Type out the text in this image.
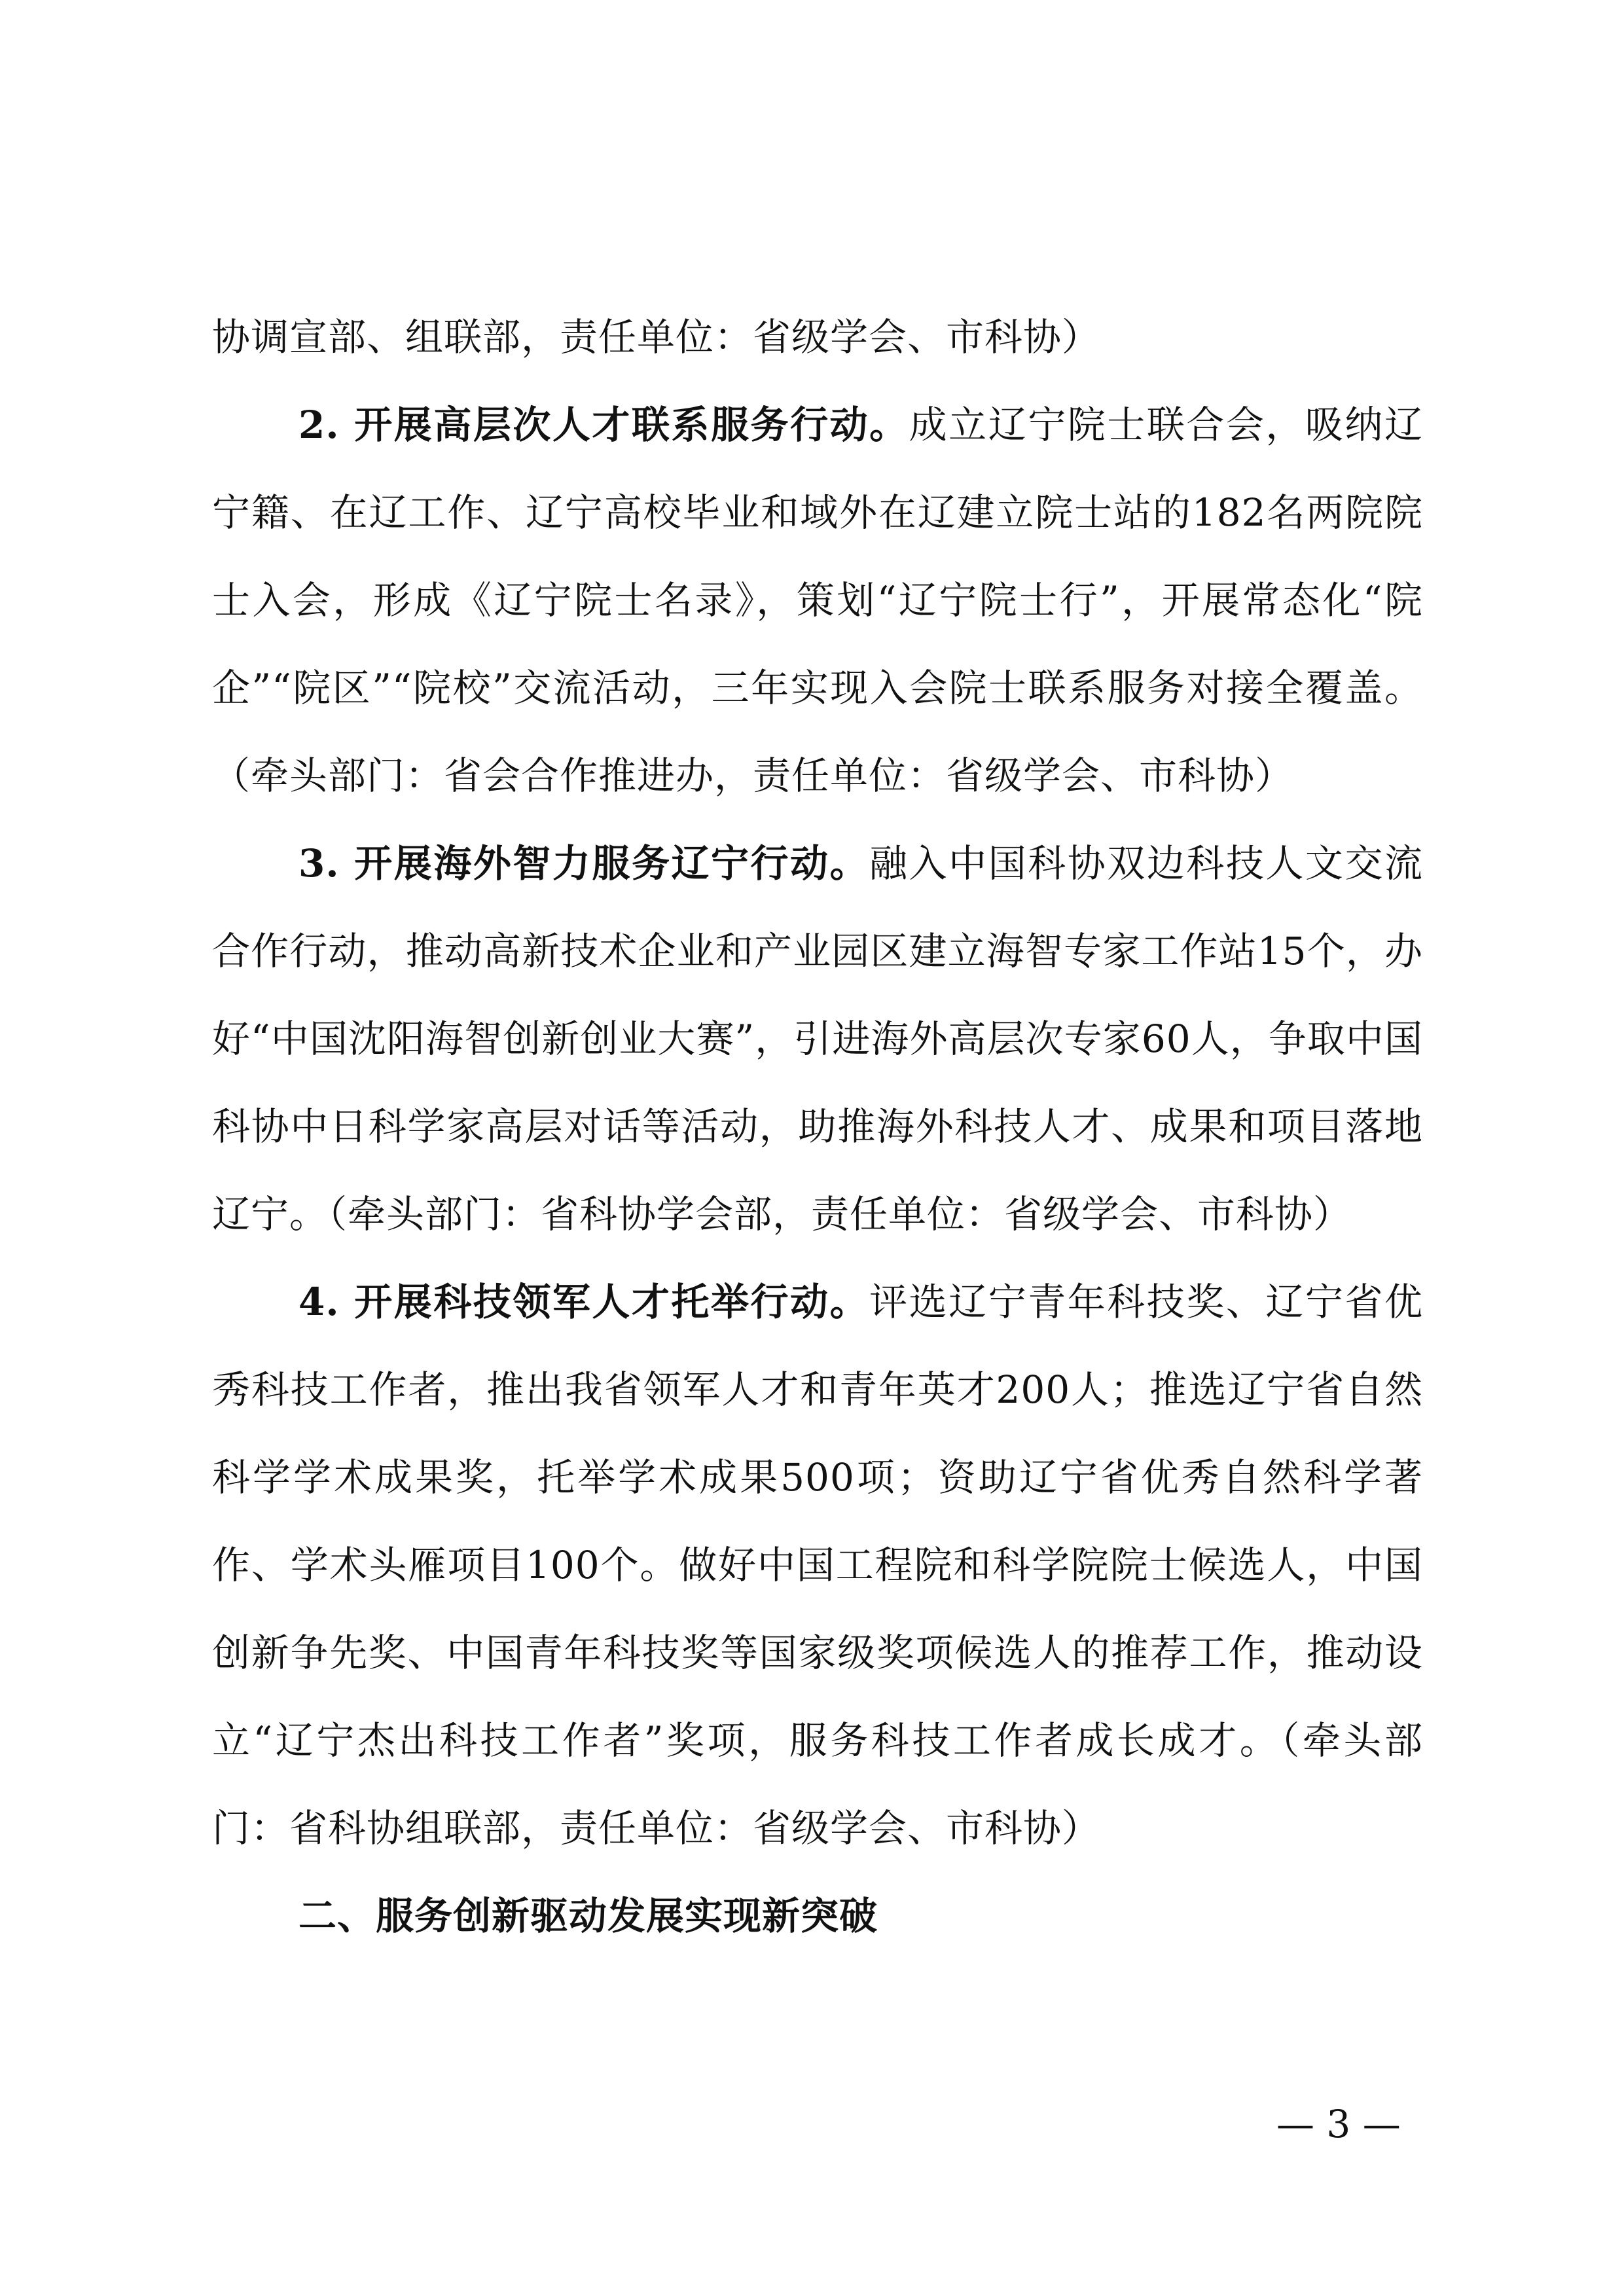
协调宣部、组联部，责任单位：省级学会、市科协）

2. 开展高层次人才联系服务行动。成立辽宁院士联合会，吸纳辽宁籍、在辽工作、辽宁高校毕业和域外在辽建立院士站的182名两院院士入会，形成《辽宁院士名录》，策划“辽宁院士行”，开展常态化“院企”“院区”“院校”交流活动，三年实现入会院士联系服务对接全覆盖。（牵头部门：省会合作推进办，责任单位：省级学会、市科协）

3. 开展海外智力服务辽宁行动。融入中国科协双边科技人文交流合作行动，推动高新技术企业和产业园区建立海智专家工作站15个，办好“中国沈阳海智创新创业大赛”，引进海外高层次专家60人，争取中国科协中日科学家高层对话等活动，助推海外科技人才、成果和项目落地辽宁。（牵头部门：省科协学会部，责任单位：省级学会、市科协）

4. 开展科技领军人才托举行动。评选辽宁青年科技奖、辽宁省优秀科技工作者，推出我省领军人才和青年英才200人；推选辽宁省自然科学学术成果奖，托举学术成果500项；资助辽宁省优秀自然科学著作、学术头雁项目100个。做好中国工程院和科学院院士候选人，中国创新争先奖、中国青年科技奖等国家级奖项候选人的推荐工作，推动设立“辽宁杰出科技工作者”奖项，服务科技工作者成长成才。（牵头部门：省科协组联部，责任单位：省级学会、市科协）

二、服务创新驱动发展实现新突破

— 3 —
